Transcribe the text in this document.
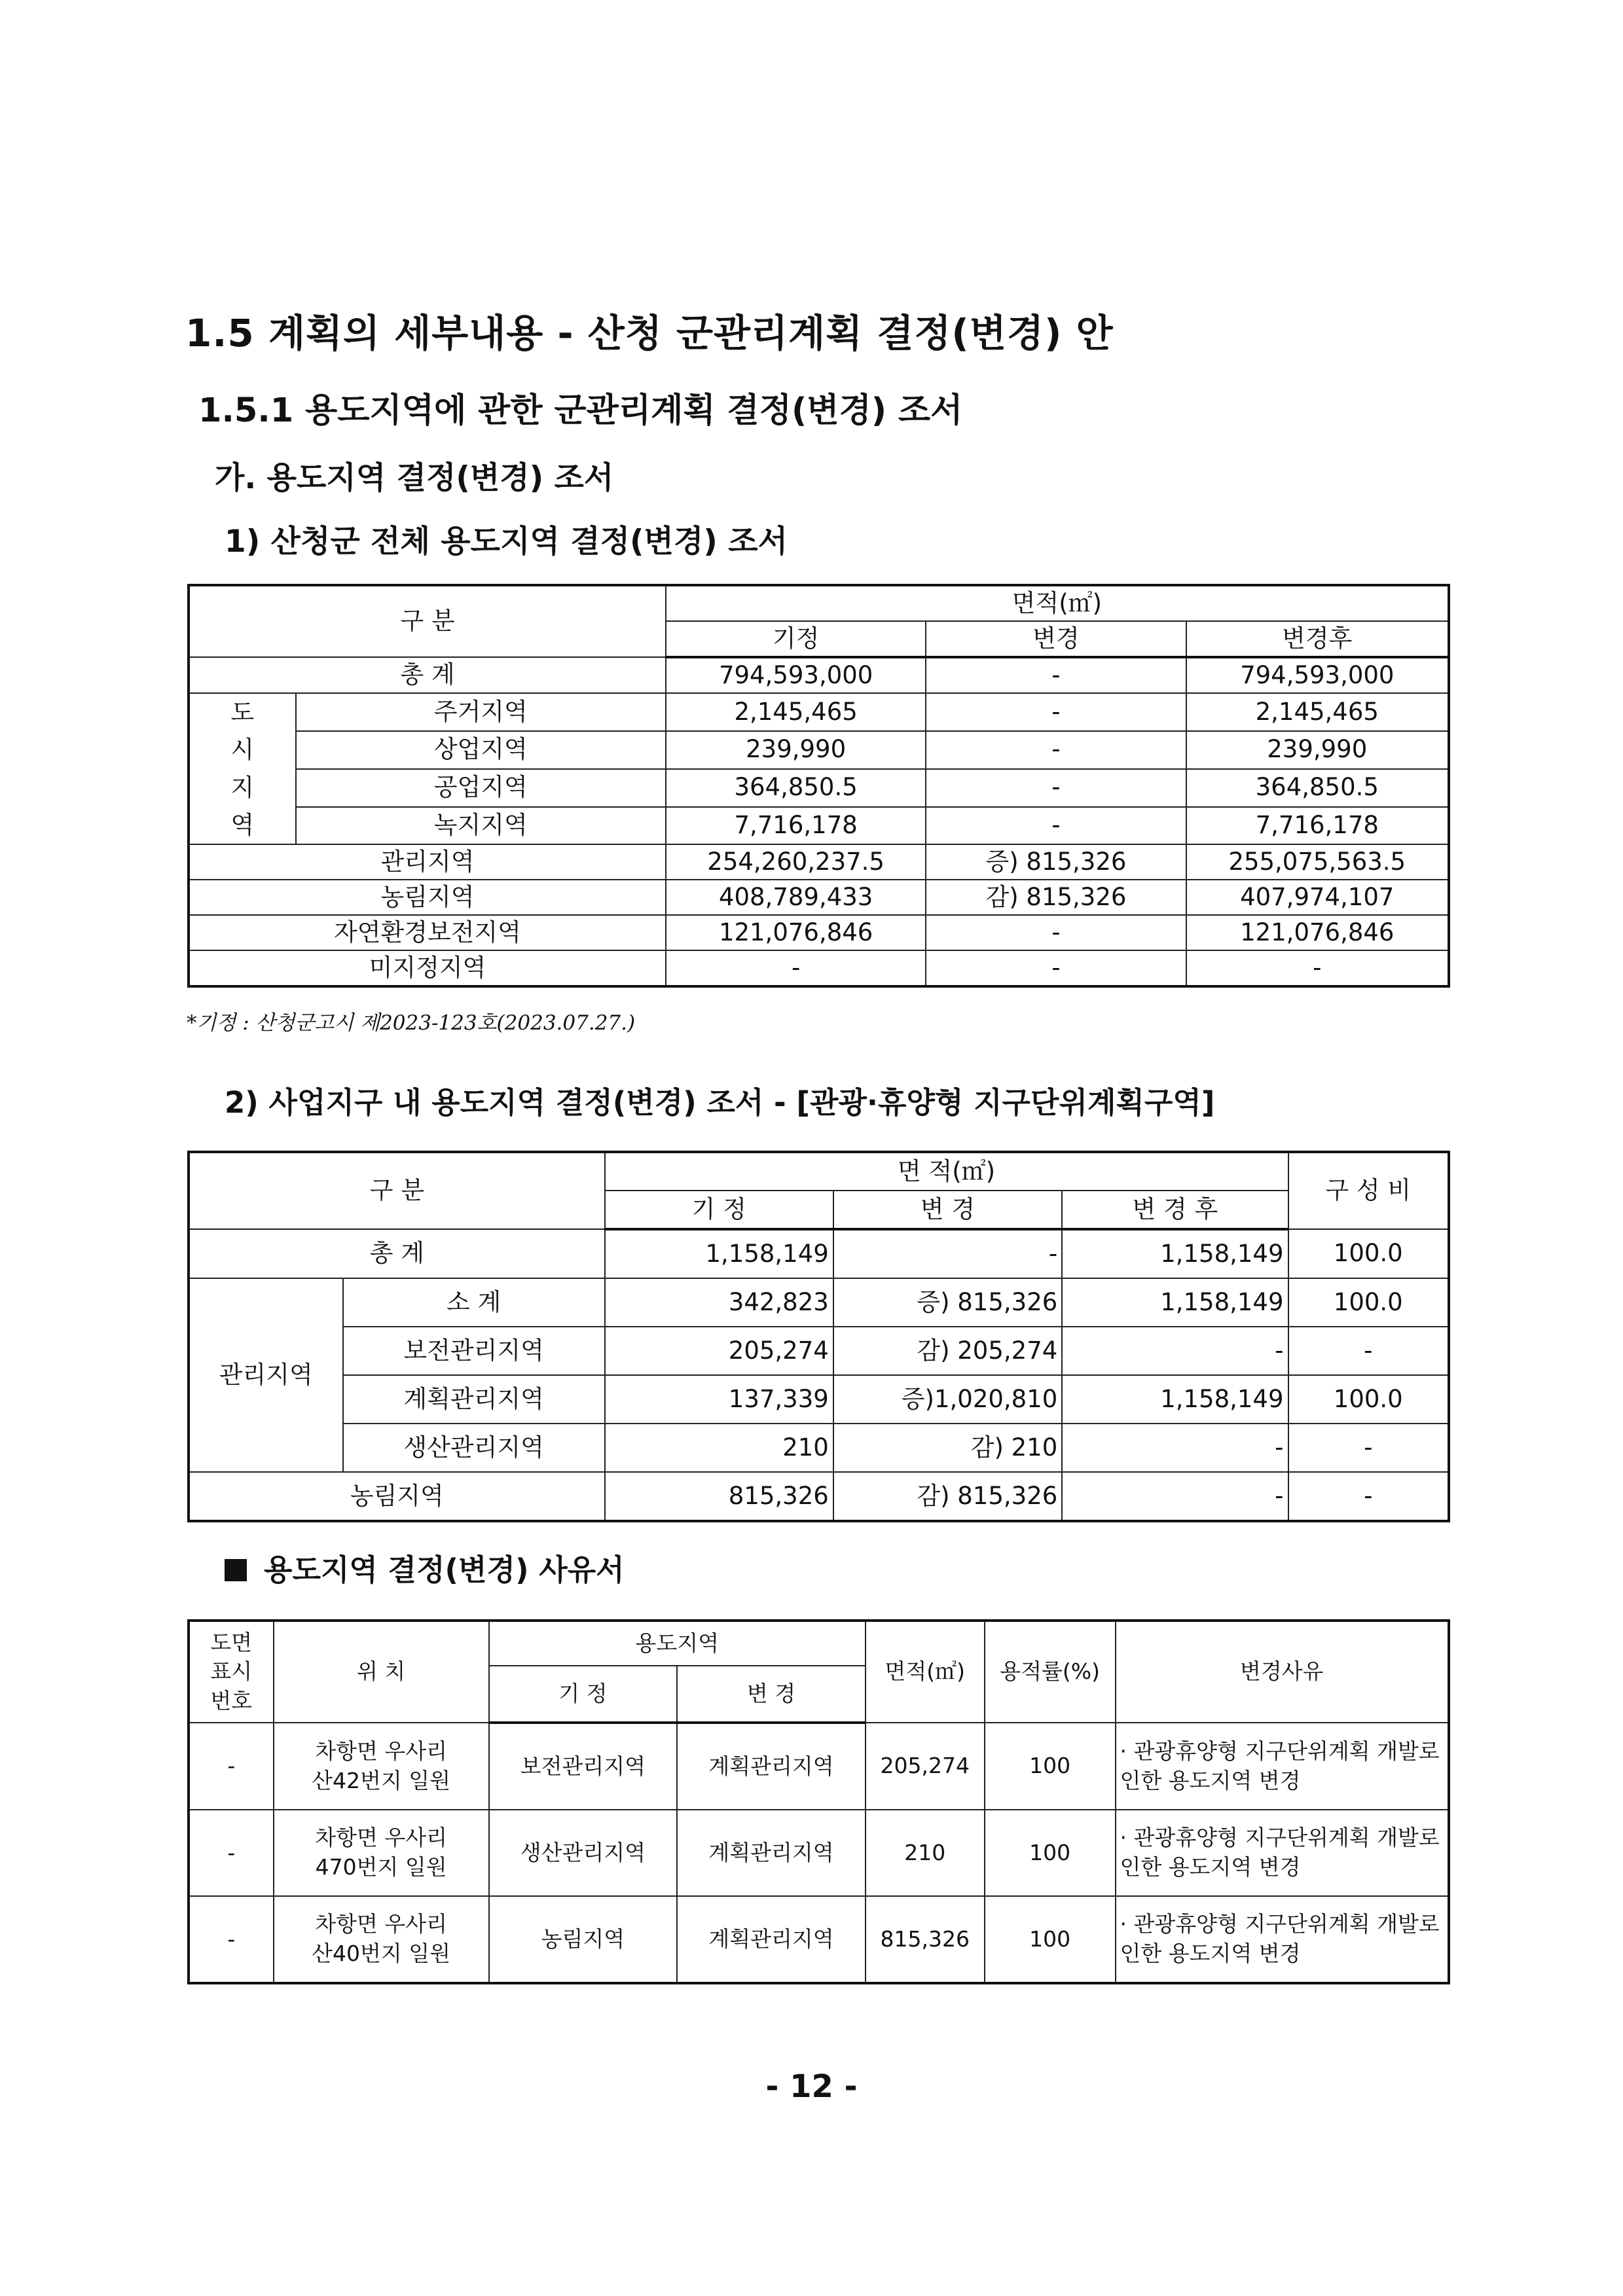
1.5 계획의 세부내용 - 산청 군관리계획 결정(변경) 안
1.5.1 용도지역에 관한 군관리계획 결정(변경) 조서
가. 용도지역 결정(변경) 조서
1) 산청군 전체 용도지역 결정(변경) 조서
구 분		면적(㎡)		
		기정	변경	변경후
총 계		794,593,000	-	794,593,000
도
시
지
역	주거지역	2,145,465	-	2,145,465
	상업지역	239,990	-	239,990
	공업지역	364,850.5	-	364,850.5
	녹지지역	7,716,178	-	7,716,178
관리지역		254,260,237.5	증) 815,326	255,075,563.5
농림지역		408,789,433	감) 815,326	407,974,107
자연환경보전지역		121,076,846	-	121,076,846
미지정지역		-	-	-
*기정 : 산청군고시 제2023-123호(2023.07.27.)
2) 사업지구 내 용도지역 결정(변경) 조서 - [관광·휴양형 지구단위계획구역]
구 분		면 적(㎡)			구 성 비
		기 정	변 경	변 경 후	
총 계		1,158,149	-	1,158,149	100.0
관리지역	소 계	342,823	증) 815,326	1,158,149	100.0
	보전관리지역	205,274	감) 205,274	-	-
	계획관리지역	137,339	증)1,020,810	1,158,149	100.0
	생산관리지역	210	감) 210	-	-
농림지역		815,326	감) 815,326	-	-
용도지역 결정(변경) 사유서
도면
표시
번호	위 치	용도지역		면적(㎡)	용적률(%)	변경사유
		기 정	변 경			
-	차항면 우사리
산42번지 일원	보전관리지역	계획관리지역	205,274	100	· 관광휴양형 지구단위계획 개발로 인한 용도지역 변경
-	차항면 우사리
470번지 일원	생산관리지역	계획관리지역	210	100	· 관광휴양형 지구단위계획 개발로 인한 용도지역 변경
-	차항면 우사리
산40번지 일원	농림지역	계획관리지역	815,326	100	· 관광휴양형 지구단위계획 개발로 인한 용도지역 변경
- 12 -
